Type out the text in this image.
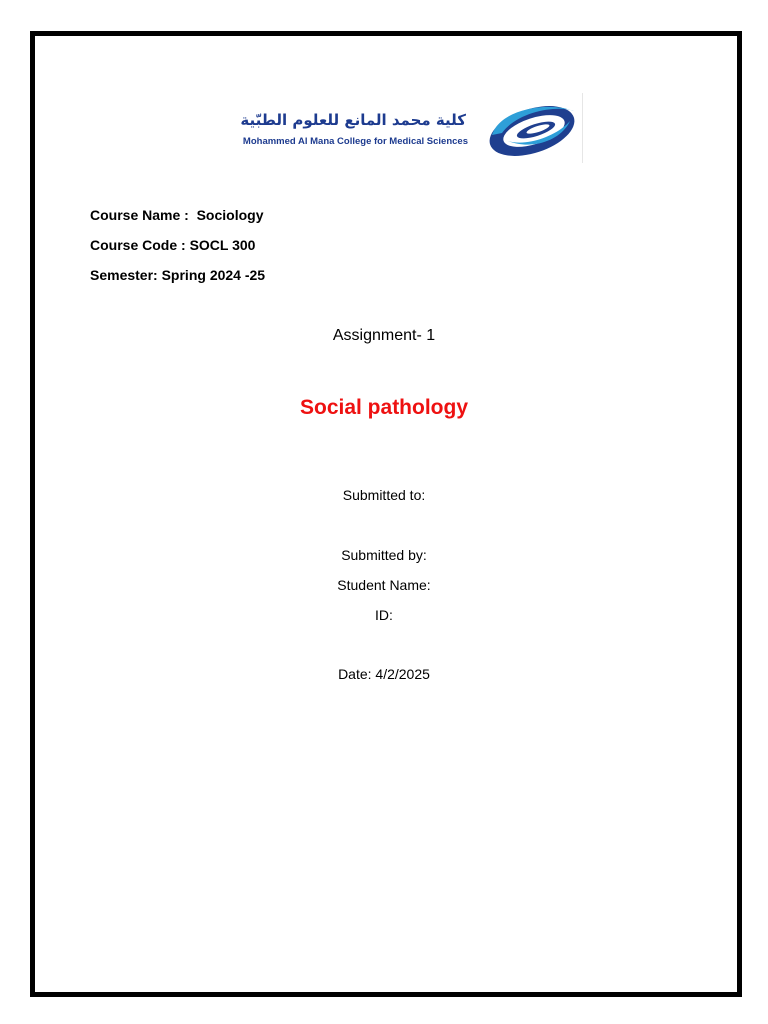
كلية محمد المانع للعلوم الطبّية
Mohammed Al Mana College for Medical Sciences
Course Name :  Sociology
Course Code : SOCL 300
Semester: Spring 2024 -25
Assignment- 1
Social pathology
Submitted to:
Submitted by:
Student Name:
ID:
Date: 4/2/2025
